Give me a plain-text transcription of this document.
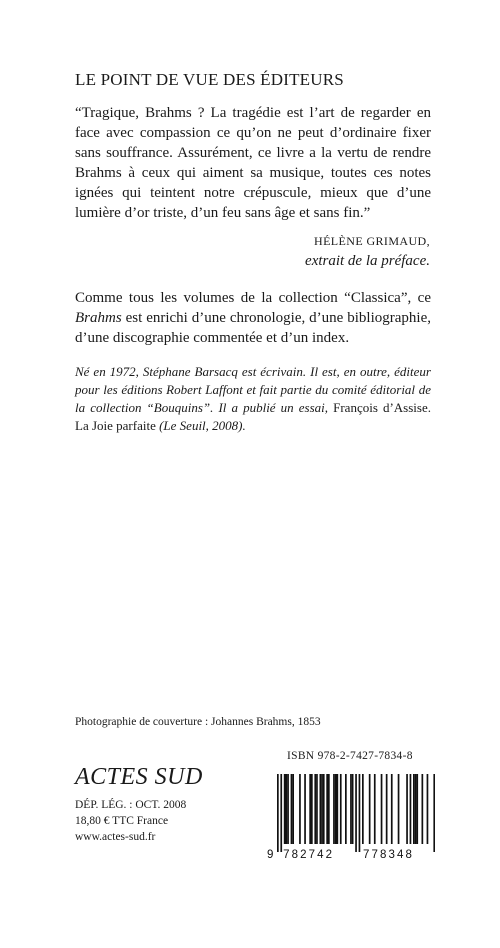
LE POINT DE VUE DES ÉDITEURS
“Tragique, Brahms ? La tragédie est l’art de regarder en face avec compassion ce qu’on ne peut d’ordinaire fixer sans souffrance. Assurément, ce livre a la vertu de rendre Brahms à ceux qui aiment sa musique, toutes ces notes ignées qui teintent notre crépuscule, mieux que d’une lumière d’or triste, d’un feu sans âge et sans fin.”
HÉLÈNE GRIMAUD,
extrait de la préface.
Comme tous les volumes de la collection “Classica”, ce Brahms est enrichi d’une chronologie, d’une bibliographie, d’une discographie commentée et d’un index.
Né en 1972, Stéphane Barsacq est écrivain. Il est, en outre, éditeur pour les éditions Robert Laffont et fait partie du comité éditorial de la collection “Bouquins”. Il a publié un essai, François d’Assise. La Joie parfaite (Le Seuil, 2008).
Photographie de couverture : Johannes Brahms, 1853
ISBN 978-2-7427-7834-8
ACTES SUD
DÉP. LÉG. : OCT. 2008
18,80 € TTC France
www.actes-sud.fr
9 782742	778348
